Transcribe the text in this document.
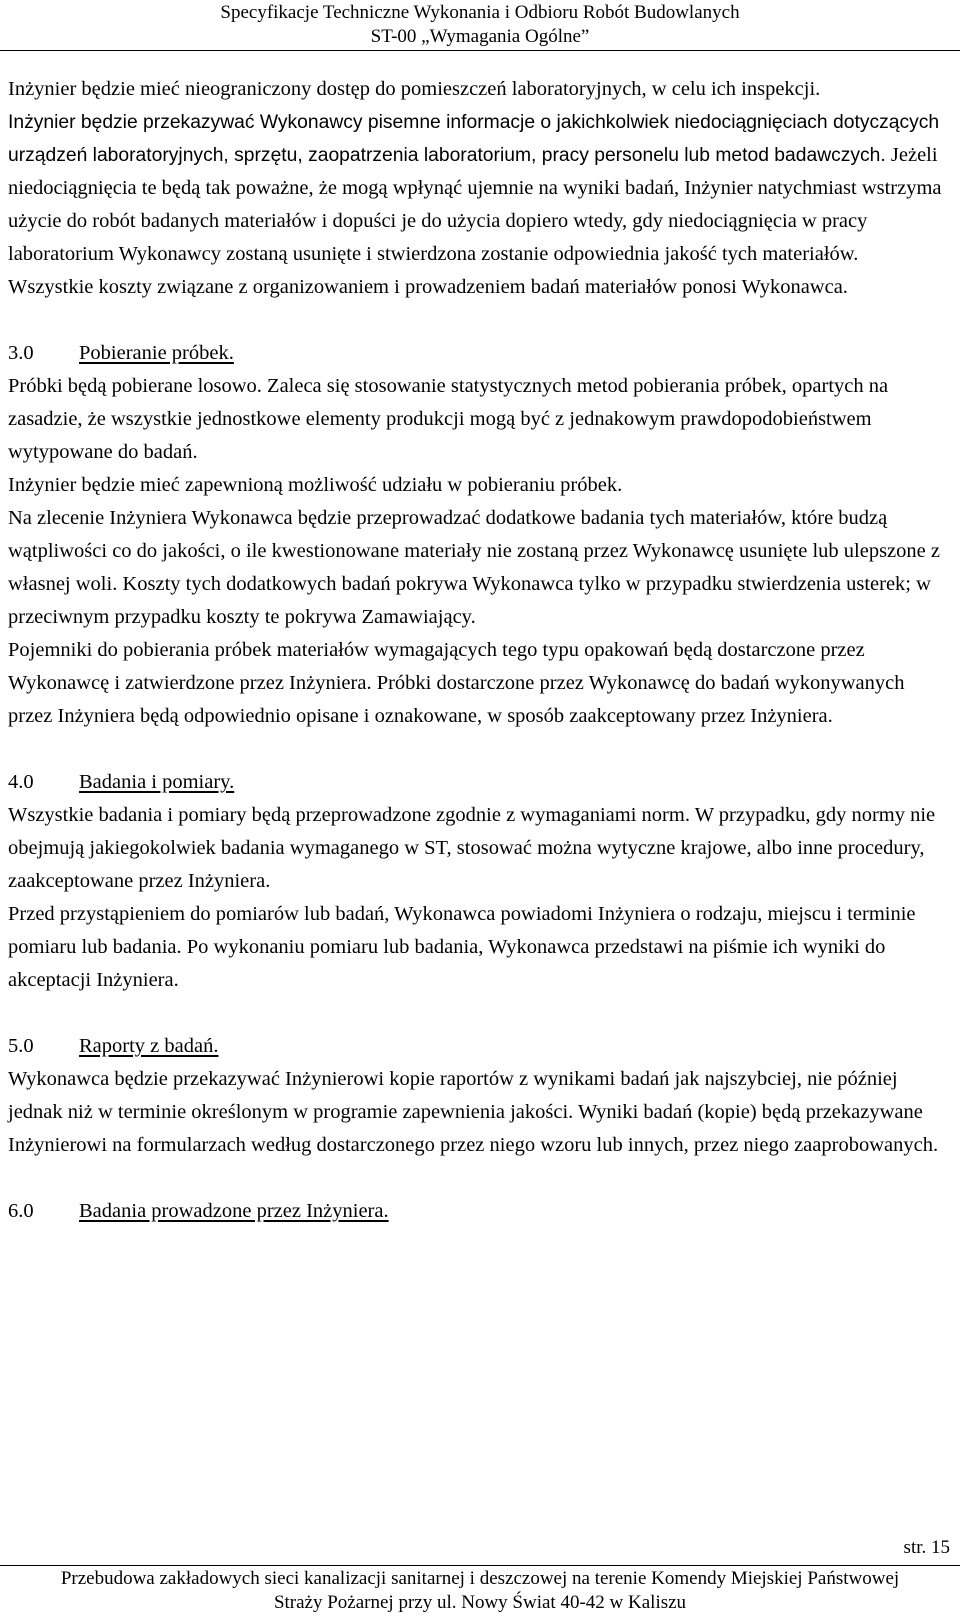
Specyfikacje Techniczne Wykonania i Odbioru Robót Budowlanych
ST-00 „Wymagania Ogólne”

Inżynier będzie mieć nieograniczony dostęp do pomieszczeń laboratoryjnych, w celu ich inspekcji.

Inżynier będzie przekazywać Wykonawcy pisemne informacje o jakichkolwiek niedociągnięciach dotyczących urządzeń laboratoryjnych, sprzętu, zaopatrzenia laboratorium, pracy personelu lub metod badawczych. Jeżeli niedociągnięcia te będą tak poważne, że mogą wpłynąć ujemnie na wyniki badań, Inżynier natychmiast wstrzyma użycie do robót badanych materiałów i dopuści je do użycia dopiero wtedy, gdy niedociągnięcia w pracy laboratorium Wykonawcy zostaną usunięte i stwierdzona zostanie odpowiednia jakość tych materiałów.

Wszystkie koszty związane z organizowaniem i prowadzeniem badań materiałów ponosi Wykonawca.

3.0 Pobieranie próbek.

Próbki będą pobierane losowo. Zaleca się stosowanie statystycznych metod pobierania próbek, opartych na zasadzie, że wszystkie jednostkowe elementy produkcji mogą być z jednakowym prawdopodobieństwem wytypowane do badań.

Inżynier będzie mieć zapewnioną możliwość udziału w pobieraniu próbek.

Na zlecenie Inżyniera Wykonawca będzie przeprowadzać dodatkowe badania tych materiałów, które budzą wątpliwości co do jakości, o ile kwestionowane materiały nie zostaną przez Wykonawcę usunięte lub ulepszone z własnej woli. Koszty tych dodatkowych badań pokrywa Wykonawca tylko w przypadku stwierdzenia usterek; w przeciwnym przypadku koszty te pokrywa Zamawiający.

Pojemniki do pobierania próbek materiałów wymagających tego typu opakowań będą dostarczone przez Wykonawcę i zatwierdzone przez Inżyniera. Próbki dostarczone przez Wykonawcę do badań wykonywanych przez Inżyniera będą odpowiednio opisane i oznakowane, w sposób zaakceptowany przez Inżyniera.

4.0 Badania i pomiary.

Wszystkie badania i pomiary będą przeprowadzone zgodnie z wymaganiami norm. W przypadku, gdy normy nie obejmują jakiegokolwiek badania wymaganego w ST, stosować można wytyczne krajowe, albo inne procedury, zaakceptowane przez Inżyniera.

Przed przystąpieniem do pomiarów lub badań, Wykonawca powiadomi Inżyniera o rodzaju, miejscu i terminie pomiaru lub badania. Po wykonaniu pomiaru lub badania, Wykonawca przedstawi na piśmie ich wyniki do akceptacji Inżyniera.

5.0 Raporty z badań.

Wykonawca będzie przekazywać Inżynierowi kopie raportów z wynikami badań jak najszybciej, nie później jednak niż w terminie określonym w programie zapewnienia jakości. Wyniki badań (kopie) będą przekazywane Inżynierowi na formularzach według dostarczonego przez niego wzoru lub innych, przez niego zaaprobowanych.

6.0 Badania prowadzone przez Inżyniera.
str. 15
Przebudowa zakładowych sieci kanalizacji sanitarnej i deszczowej na terenie Komendy Miejskiej Państwowej
Straży Pożarnej przy ul. Nowy Świat 40-42 w Kaliszu
